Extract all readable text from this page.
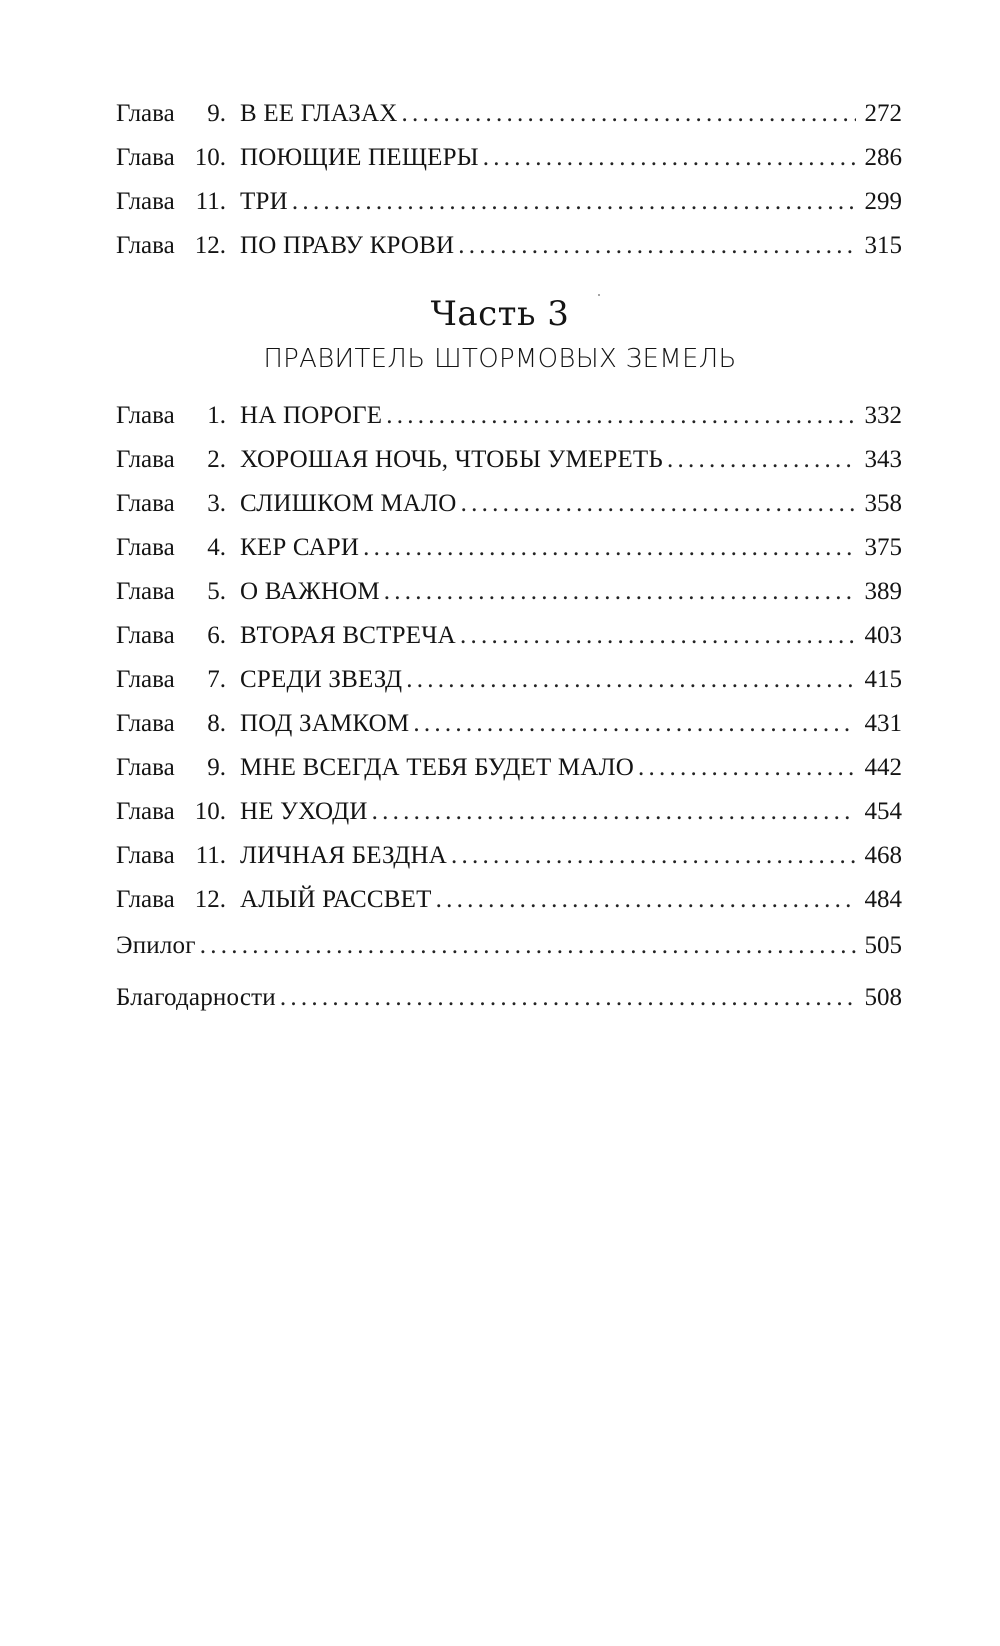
Глава 9. В ЕЕ ГЛАЗАХ . . .	272
Глава 10. ПОЮЩИЕ ПЕЩЕРЫ . . .	286
Глава 11. ТРИ . . .	299
Глава 12. ПО ПРАВУ КРОВИ . . .	315
Часть 3
ПРАВИТЕЛЬ ШТОРМОВЫХ ЗЕМЕЛЬ
Глава 1. НА ПОРОГЕ . . .	332
Глава 2. ХОРОШАЯ НОЧЬ, ЧТОБЫ УМЕРЕТЬ . . .	343
Глава 3. СЛИШКОМ МАЛО . . .	358
Глава 4. КЕР САРИ . . .	375
Глава 5. О ВАЖНОМ . . .	389
Глава 6. ВТОРАЯ ВСТРЕЧА . . .	403
Глава 7. СРЕДИ ЗВЕЗД . . .	415
Глава 8. ПОД ЗАМКОМ . . .	431
Глава 9. МНЕ ВСЕГДА ТЕБЯ БУДЕТ МАЛО . . .	442
Глава 10. НЕ УХОДИ . . .	454
Глава 11. ЛИЧНАЯ БЕЗДНА . . .	468
Глава 12. АЛЫЙ РАССВЕТ . . .	484
Эпилог . . .	505
Благодарности . . .	508
